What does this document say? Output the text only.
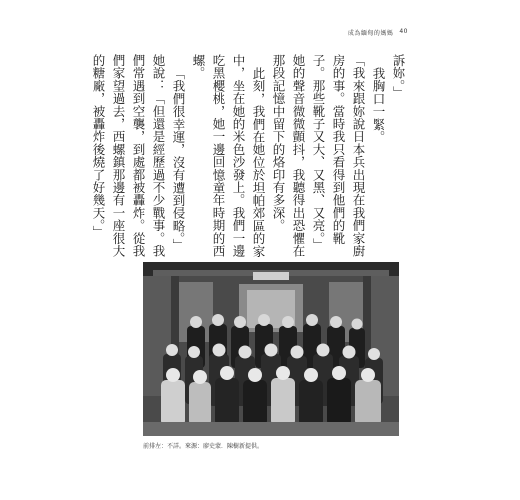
成為緬甸的媽媽 40

訴妳。」

我胸口一緊。

「我來跟妳說日本兵出現在我們家廚房的事。當時我只看得到他們的靴子。那些靴子又大、又黑、又亮。」她的聲音微微顫抖，我聽得出恐懼在那段記憶中留下的烙印有多深。

此刻，我們在她位於坦帕郊區的家中，坐在她的米色沙發上。我們一邊吃黑櫻桃，她一邊回憶童年時期的西螺。

「我們很幸運，沒有遭到侵略。」她說：「但還是經歷過不少戰事。我們常遇到空襲，到處都被轟炸。從我們家望過去，西螺鎮那邊有一座很大的糖廠，被轟炸後燒了好幾天。」

前排左：不詳。來源：廖史蒙．陳樹新提供。
